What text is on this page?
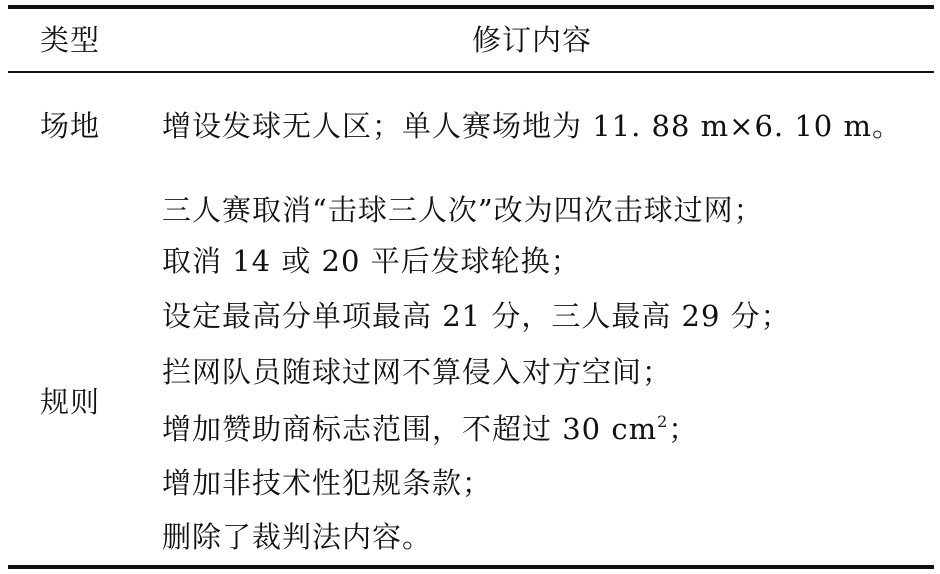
类型	修订内容
场地 增设发球无人区；单人赛场地为 11. 88 m×6. 10 m。
规则
三人赛取消“击球三人次”改为四次击球过网；
取消 14 或 20 平后发球轮换；
设定最高分单项最高 21 分，三人最高 29 分；
拦网队员随球过网不算侵入对方空间；
增加赞助商标志范围，不超过 30 $cm^2$；
增加非技术性犯规条款；
删除了裁判法内容。
